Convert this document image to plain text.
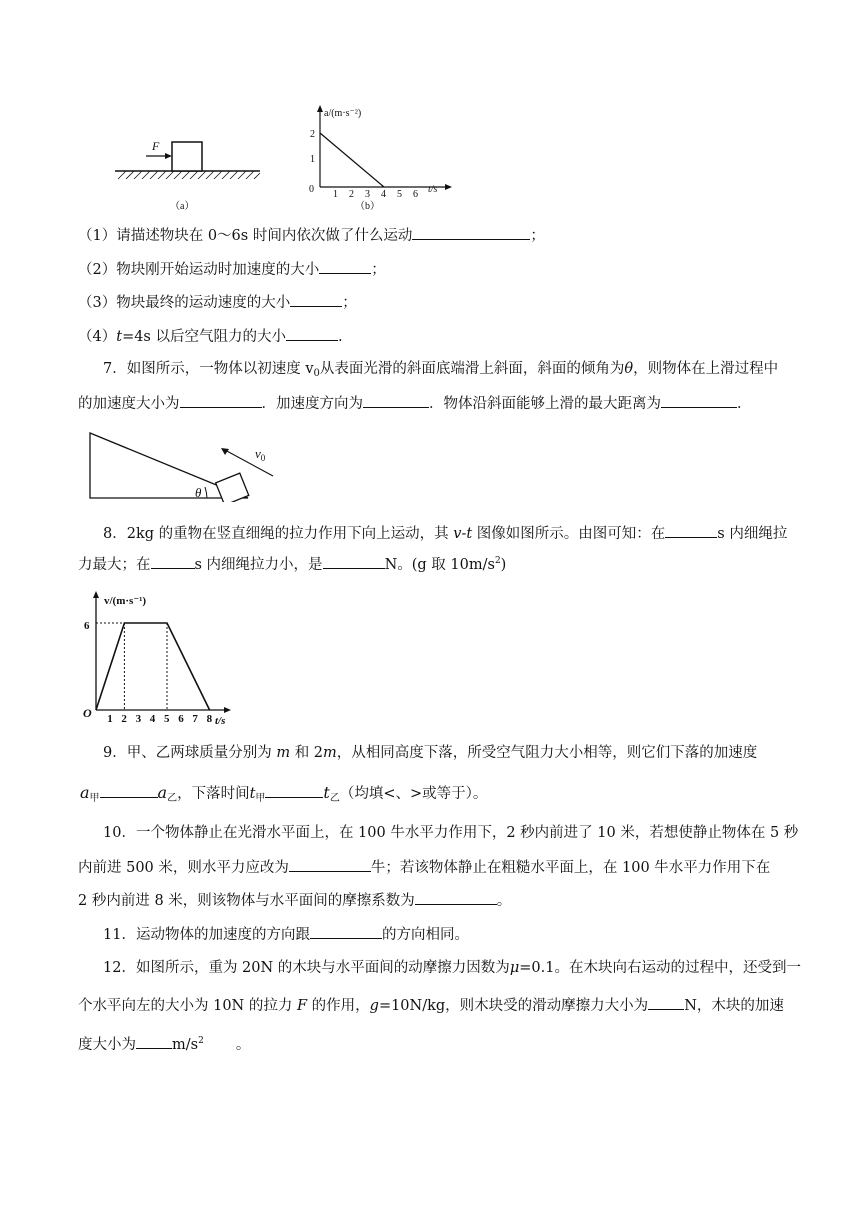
F
（a）
a/(m·s⁻²)
0
2
1
1 2 3 4 5 6 t/s
（b）
（1）请描述物块在 0～6s 时间内依次做了什么运动	；
（2）物块刚开始运动时加速度的大小	；
（3）物块最终的运动速度的大小	；
（4）t=4s 以后空气阻力的大小	.
7．如图所示，一物体以初速度 $v_0$从表面光滑的斜面底端滑上斜面，斜面的倾角为θ，则物体在上滑过程中
的加速度大小为	．加速度方向为	．物体沿斜面能够上滑的最大距离为	．
θ
$v_0$
8．2kg 的重物在竖直细绳的拉力作用下向上运动，其 v-t 图像如图所示。由图可知：在	s 内细绳拉
力最大；在	s 内细绳拉力小，是	N。(g 取 $10m/s^2$)
v/(m·s⁻¹)
O
6
t/s
1 2 3 4 5 6 7 8
9．甲、乙两球质量分别为 m 和 2m，从相同高度下落，所受空气阻力大小相等，则它们下落的加速度
$a_甲$	$a_乙$，下落时间$t_甲$	$t_乙$（均填<、>或等于）。
10．一个物体静止在光滑水平面上，在 100 牛水平力作用下，2 秒内前进了 10 米，若想使静止物体在 5 秒
内前进 500 米，则水平力应改为	牛；若该物体静止在粗糙水平面上，在 100 牛水平力作用下在
2 秒内前进 8 米，则该物体与水平面间的摩擦系数为	。
11．运动物体的加速度的方向跟	的方向相同。
12．如图所示，重为 20N 的木块与水平面间的动摩擦力因数为μ=0.1。在木块向右运动的过程中，还受到一
个水平向左的大小为 10N 的拉力 F 的作用，g=10N/kg，则木块受的滑动摩擦力大小为 N，木块的加速
度大小为 $m/s^2$ 。
